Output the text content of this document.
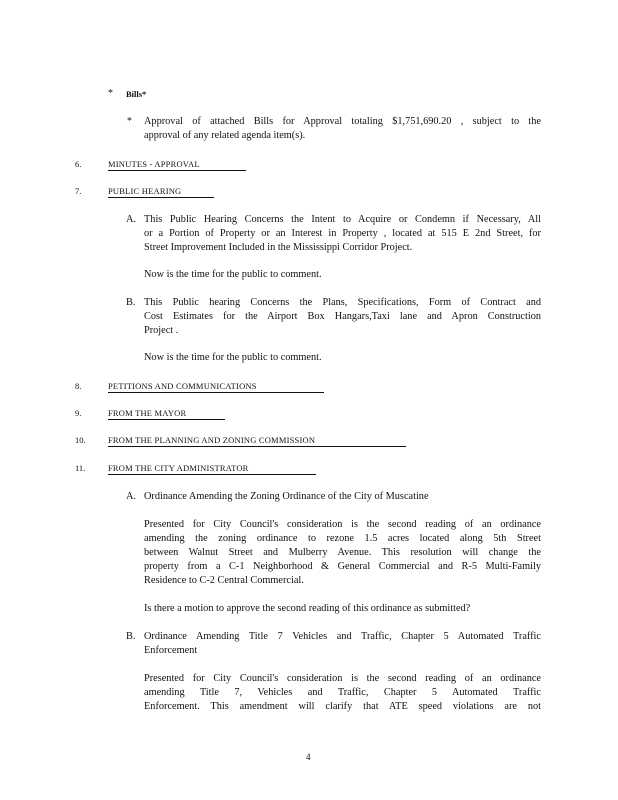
* Bills*
* Approval of attached Bills for Approval totaling $1,751,690.20 , subject to the
approval of any related agenda item(s).
6.	MINUTES - APPROVAL
7.	PUBLIC HEARING
A. This Public Hearing Concerns the Intent to Acquire or Condemn if Necessary, All
or a Portion of Property or an Interest in Property , located at 515 E 2nd Street, for
Street Improvement Included in the Mississippi Corridor Project.
Now is the time for the public to comment.
B. This Public hearing Concerns the Plans, Specifications, Form of Contract and
Cost Estimates for the Airport Box Hangars,Taxi lane and Apron Construction
Project .
Now is the time for the public to comment.
8.	PETITIONS AND COMMUNICATIONS
9.	FROM THE MAYOR
10.	FROM THE PLANNING AND ZONING COMMISSION
11.	FROM THE CITY ADMINISTRATOR
A. Ordinance Amending the Zoning Ordinance of the City of Muscatine
Presented for City Council's consideration is the second reading of an ordinance
amending the zoning ordinance to rezone 1.5 acres located along 5th Street
between Walnut Street and Mulberry Avenue. This resolution will change the
property from a C-1 Neighborhood & General Commercial and R-5 Multi-Family
Residence to C-2 Central Commercial.
Is there a motion to approve the second reading of this ordinance as submitted?
B. Ordinance Amending Title 7 Vehicles and Traffic, Chapter 5 Automated Traffic
Enforcement
Presented for City Council's consideration is the second reading of an ordinance
amending Title 7, Vehicles and Traffic, Chapter 5 Automated Traffic
Enforcement. This amendment will clarify that ATE speed violations are not
4
